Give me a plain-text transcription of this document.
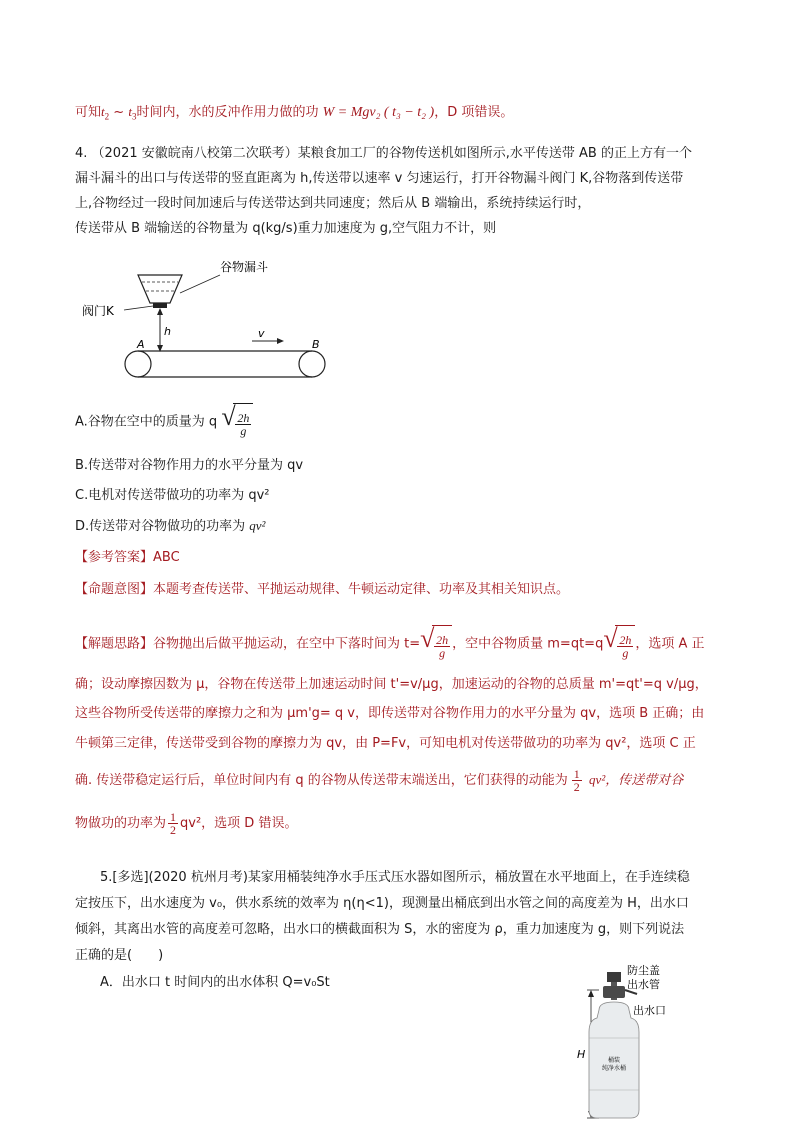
可知$t_2$ ~ $t_3$时间内，水的反冲作用力做的功 W = Mgv₂ ( t₃ − t₂ )，D 项错误。
4. （2021 安徽皖南八校第二次联考）某粮食加工厂的谷物传送机如图所示,水平传送带 AB 的正上方有一个
漏斗漏斗的出口与传送带的竖直距离为 h,传送带以速率 v 匀速运行，打开谷物漏斗阀门 K,谷物落到传送带
上,谷物经过一段时间加速后与传送带达到共同速度；然后从 B 端输出，系统持续运行时，
传送带从 B 端输送的谷物量为 q(kg/s)重力加速度为 g,空气阻力不计，则
谷物漏斗
阀门K
h
A	B
v
A.谷物在空中的质量为 q √ $\frac{2h}{g}$
B.传送带对谷物作用力的水平分量为 qv
C.电机对传送带做功的功率为 qv²
D.传送带对谷物做功的功率为 qv²
【参考答案】ABC
【命题意图】本题考查传送带、平抛运动规律、牛顿运动定律、功率及其相关知识点。
【解题思路】谷物抛出后做平抛运动，在空中下落时间为 t= √ $\frac{2h}{g}$ ，空中谷物质量 m=qt=q √ $\frac{2h}{g}$ ，选项 A 正
确；设动摩擦因数为 μ，谷物在传送带上加速运动时间 t'=v/μg，加速运动的谷物的总质量 m'=qt'=q v/μg，
这些谷物所受传送带的摩擦力之和为 μm'g= q v，即传送带对谷物作用力的水平分量为 qv，选项 B 正确；由
牛顿第三定律，传送带受到谷物的摩擦力为 qv，由 P=Fv，可知电机对传送带做功的功率为 qv²，选项 C 正
确. 传送带稳定运行后，单位时间内有 q 的谷物从传送带末端送出，它们获得的动能为 $\frac{1}{2} qv^2$，传送带对谷
物做功的功率为 $\frac{1}{2} qv^2$，选项 D 错误。
5.[多选](2020 杭州月考)某家用桶装纯净水手压式压水器如图所示，桶放置在水平地面上，在手连续稳
定按压下，出水速度为 v₀，供水系统的效率为 η(η<1)，现测量出桶底到出水管之间的高度差为 H，出水口
倾斜，其离出水管的高度差可忽略，出水口的横截面积为 S，水的密度为 ρ，重力加速度为 g，则下列说法
正确的是(　　)
A．出水口 t 时间内的出水体积 Q=v₀St
H	桶装
纯净水桶
防尘盖
出水管
出水口
